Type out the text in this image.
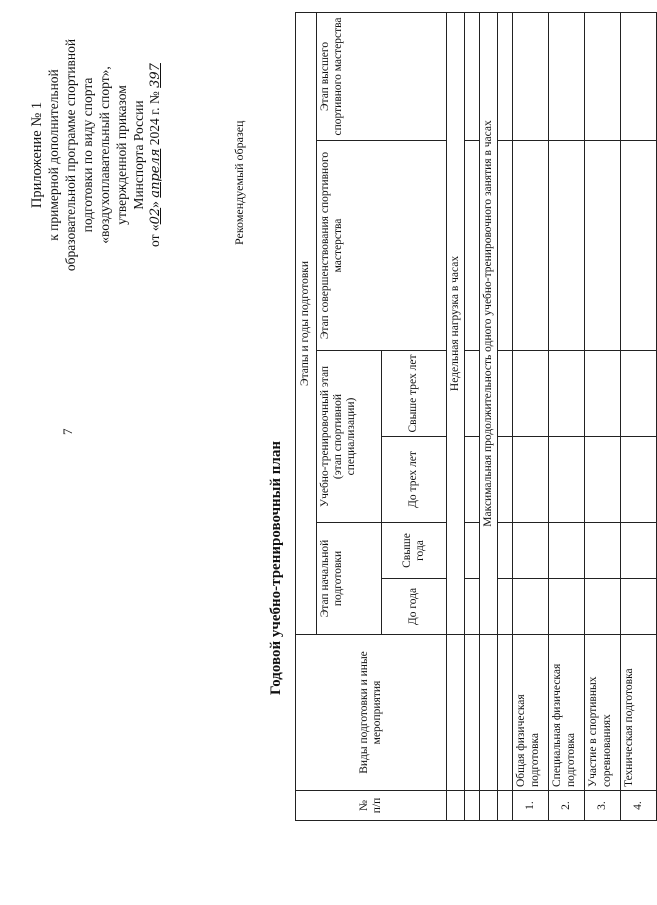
7
Приложение № 1 к примерной дополнительной образовательной программе спортивной подготовки по виду спорта «воздухоплавательный спорт», утвержденной приказом Минспорта России
от «02» апреля 2024 г. № 397
Рекомендуемый образец
Годовой учебно-тренировочный план
№ п/п	Виды подготовки и иные мероприятия	Этапы и годы подготовки					
		Этап начальной подготовки		Учебно-тренировочный этап (этап спортивной специализации)		Этап совершенствования спортивного мастерства	Этап высшего спортивного мастерства
		До года	Свыше года	До трех лет	Свыше трех лет		
		Недельная нагрузка в часах					

		Максимальная продолжительность одного учебно-тренировочного занятия в часах					

1.	Общая физическая подготовка						
2.	Специальная физическая подготовка						
3.	Участие в спортивных соревнованиях						
4.	Техническая подготовка						
